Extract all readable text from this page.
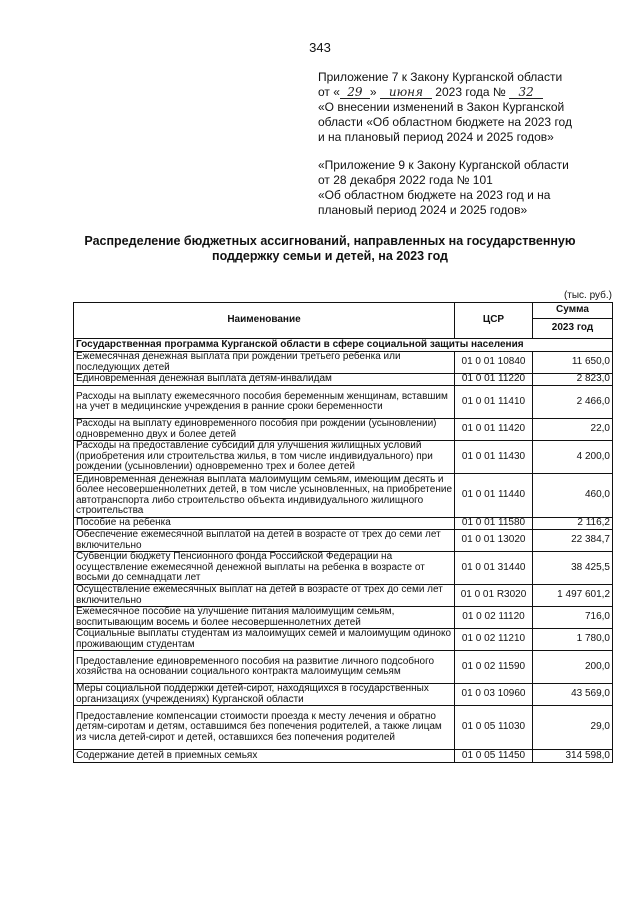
343

Приложение 7 к Закону Курганской области

от « 29 » июня 2023 года № 32

«О внесении изменений в Закон Курганской

области «Об областном бюджете на 2023 год

и на плановый период 2024 и 2025 годов»

«Приложение 9 к Закону Курганской области

от 28 декабря 2022 года № 101

«Об областном бюджете на 2023 год и на

плановый период 2024 и 2025 годов»

Распределение бюджетных ассигнований, направленных на государственную
поддержку семьи и детей, на 2023 год
(тыс. руб.)
Наименование	ЦСР	Сумма
		2023 год
Государственная программа Курганской области в сфере социальной защиты населения		
Ежемесячная денежная выплата при рождении третьего ребенка или последующих детей	01 0 01 10840	11 650,0
Единовременная денежная выплата детям-инвалидам	01 0 01 11220	2 823,0
Расходы на выплату ежемесячного пособия беременным женщинам, вставшим на учет в медицинские учреждения в ранние сроки беременности	01 0 01 11410	2 466,0
Расходы на выплату единовременного пособия при рождении (усыновлении) одновременно двух и более детей	01 0 01 11420	22,0
Расходы на предоставление субсидий для улучшения жилищных условий (приобретения или строительства жилья, в том числе индивидуального) при рождении (усыновлении) одновременно трех и более детей	01 0 01 11430	4 200,0
Единовременная денежная выплата малоимущим семьям, имеющим десять и более несовершеннолетних детей, в том числе усыновленных, на приобретение автотранспорта либо строительство объекта индивидуального жилищного строительства	01 0 01 11440	460,0
Пособие на ребенка	01 0 01 11580	2 116,2
Обеспечение ежемесячной выплатой на детей в возрасте от трех до семи лет включительно	01 0 01 13020	22 384,7
Субвенции бюджету Пенсионного фонда Российской Федерации на осуществление ежемесячной денежной выплаты на ребенка в возрасте от восьми до семнадцати лет	01 0 01 31440	38 425,5
Осуществление ежемесячных выплат на детей в возрасте от трех до семи лет включительно	01 0 01 R3020	1 497 601,2
Ежемесячное пособие на улучшение питания малоимущим семьям, воспитывающим восемь и более несовершеннолетних детей	01 0 02 11120	716,0
Социальные выплаты студентам из малоимущих семей и малоимущим одиноко проживающим студентам	01 0 02 11210	1 780,0
Предоставление единовременного пособия на развитие личного подсобного хозяйства на основании социального контракта малоимущим семьям	01 0 02 11590	200,0
Меры социальной поддержки детей-сирот, находящихся в государственных организациях (учреждениях) Курганской области	01 0 03 10960	43 569,0
Предоставление компенсации стоимости проезда к месту лечения и обратно детям-сиротам и детям, оставшимся без попечения родителей, а также лицам из числа детей-сирот и детей, оставшихся без попечения родителей	01 0 05 11030	29,0
Содержание детей в приемных семьях	01 0 05 11450	314 598,0
